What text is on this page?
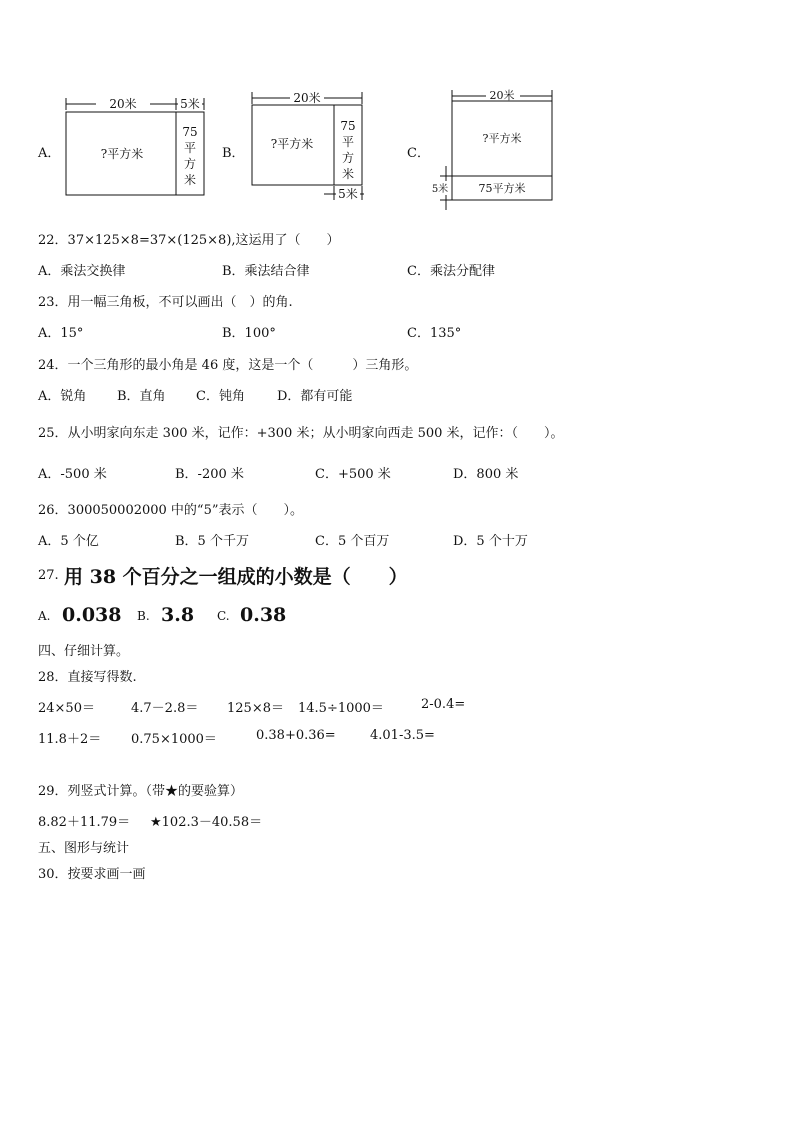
A．
20米	5米
?平方米
75
平
方
米
B．
20米
?平方米
75
平
方
米
5米
C．
20米
?平方米
75平方米
5米
22．37×125×8=37×(125×8),这运用了（　　）
A．乘法交换律	B．乘法结合律	C．乘法分配律
23．用一幅三角板，不可以画出（　）的角.
A．15°	B．100°	C．135°
24．一个三角形的最小角是 46 度，这是一个（　　　）三角形。
A．锐角 B．直角 C．钝角 D．都有可能
25．从小明家向东走 300 米，记作：+300 米；从小明家向西走 500 米，记作：（　　）。
A．-500 米	B．-200 米	C．+500 米	D．800 米
26．300050002000 中的“5”表示（　　）。
A．5 个亿	B．5 个千万	C．5 个百万	D．5 个十万
27. 用 38 个百分之一组成的小数是（　　）
A. 0.038 B. 3.8 C. 0.38
四、仔细计算。
28．直接写得数.
24×50＝	4.7－2.8＝ 125×8＝ 14.5÷1000＝	2-0.4=
11.8＋2＝ 0.75×1000＝	0.38+0.36=	4.01-3.5=
29．列竖式计算。（带★的要验算）
8.82＋11.79＝ ★102.3－40.58＝
五、图形与统计
30．按要求画一画
